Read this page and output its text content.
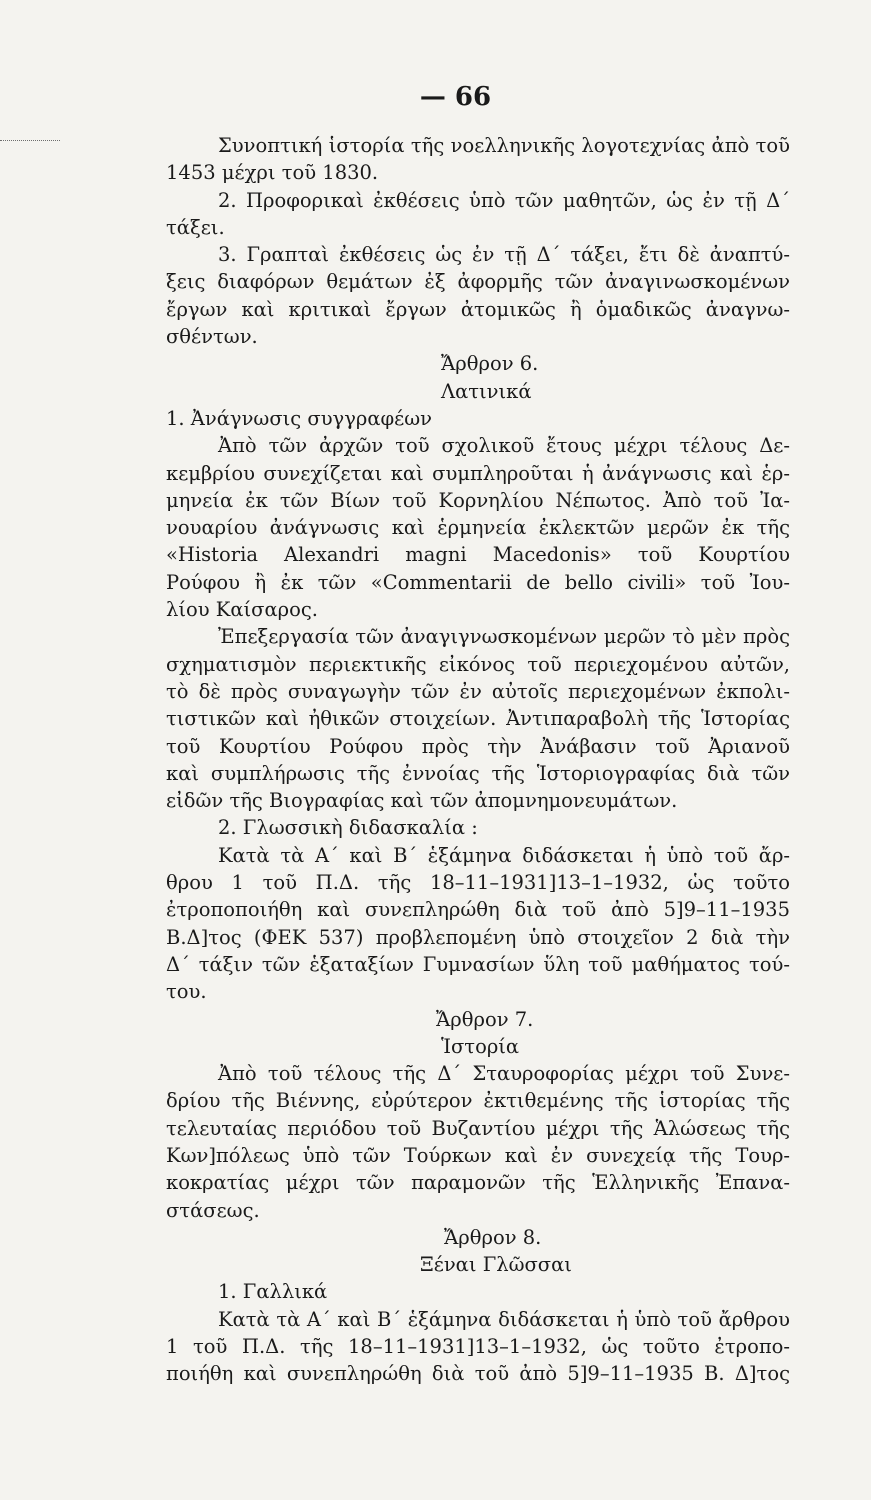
— 66
Συνοπτική ἱστορία τῆς νοελληνικῆς λογοτεχνίας ἀπὸ τοῦ
1453 μέχρι τοῦ 1830.
2. Προφορικαὶ ἐκθέσεις ὑπὸ τῶν μαθητῶν, ὡς ἐν τῇ Δ΄
τάξει.
3. Γραπταὶ ἐκθέσεις ὡς ἐν τῇ Δ΄ τάξει, ἔτι δὲ ἀναπτύ-
ξεις διαφόρων θεμάτων ἐξ ἀφορμῆς τῶν ἀναγινωσκομένων
ἔργων καὶ κριτικαὶ ἔργων ἀτομικῶς ἢ ὁμαδικῶς ἀναγνω-
σθέντων.
Ἄρθρον 6.
Λατινικά
1. Ἀνάγνωσις συγγραφέων
Ἀπὸ τῶν ἀρχῶν τοῦ σχολικοῦ ἔτους μέχρι τέλους Δε-
κεμβρίου συνεχίζεται καὶ συμπληροῦται ἡ ἀνάγνωσις καὶ ἑρ-
μηνεία ἐκ τῶν Βίων τοῦ Κορνηλίου Νέπωτος. Ἀπὸ τοῦ Ἰα-
νουαρίου ἀνάγνωσις καὶ ἑρμηνεία ἐκλεκτῶν μερῶν ἐκ τῆς
«Historia Alexandri magni Macedonis» τοῦ Κουρτίου
Ρούφου ἢ ἐκ τῶν «Commentarii de bello civili» τοῦ Ἰου-
λίου Καίσαρος.
Ἐπεξεργασία τῶν ἀναγιγνωσκομένων μερῶν τὸ μὲν πρὸς
σχηματισμὸν περιεκτικῆς εἰκόνος τοῦ περιεχομένου αὐτῶν,
τὸ δὲ πρὸς συναγωγὴν τῶν ἐν αὐτοῖς περιεχομένων ἐκπολι-
τιστικῶν καὶ ἠθικῶν στοιχείων. Ἀντιπαραβολὴ τῆς Ἱστορίας
τοῦ Κουρτίου Ρούφου πρὸς τὴν Ἀνάβασιν τοῦ Ἀριανοῦ
καὶ συμπλήρωσις τῆς ἐννοίας τῆς Ἱστοριογραφίας διὰ τῶν
εἰδῶν τῆς Βιογραφίας καὶ τῶν ἀπομνημονευμάτων.
2. Γλωσσικὴ διδασκαλία :
Κατὰ τὰ Α΄ καὶ Β΄ ἑξάμηνα διδάσκεται ἡ ὑπὸ τοῦ ἄρ-
θρου 1 τοῦ Π.Δ. τῆς 18–11–1931]13–1–1932, ὡς τοῦτο
ἐτροποποιήθη καὶ συνεπληρώθη διὰ τοῦ ἀπὸ 5]9–11–1935
Β.Δ]τος (ΦΕΚ 537) προβλεπομένη ὑπὸ στοιχεῖον 2 διὰ τὴν
Δ΄ τάξιν τῶν ἑξαταξίων Γυμνασίων ὕλη τοῦ μαθήματος τού-
του.
Ἄρθρον 7.
Ἱστορία
Ἀπὸ τοῦ τέλους τῆς Δ΄ Σταυροφορίας μέχρι τοῦ Συνε-
δρίου τῆς Βιέννης, εὐρύτερον ἐκτιθεμένης τῆς ἱστορίας τῆς
τελευταίας περιόδου τοῦ Βυζαντίου μέχρι τῆς Ἁλώσεως τῆς
Κων]πόλεως ὑπὸ τῶν Τούρκων καὶ ἐν συνεχείᾳ τῆς Τουρ-
κοκρατίας μέχρι τῶν παραμονῶν τῆς Ἑλληνικῆς Ἐπανα-
στάσεως.
Ἄρθρον 8.
Ξέναι Γλῶσσαι
1. Γαλλικά
Κατὰ τὰ Α΄ καὶ Β΄ ἑξάμηνα διδάσκεται ἡ ὑπὸ τοῦ ἄρθρου
1 τοῦ Π.Δ. τῆς 18–11–1931]13–1–1932, ὡς τοῦτο ἐτροπο-
ποιήθη καὶ συνεπληρώθη διὰ τοῦ ἀπὸ 5]9–11–1935 Β. Δ]τος
